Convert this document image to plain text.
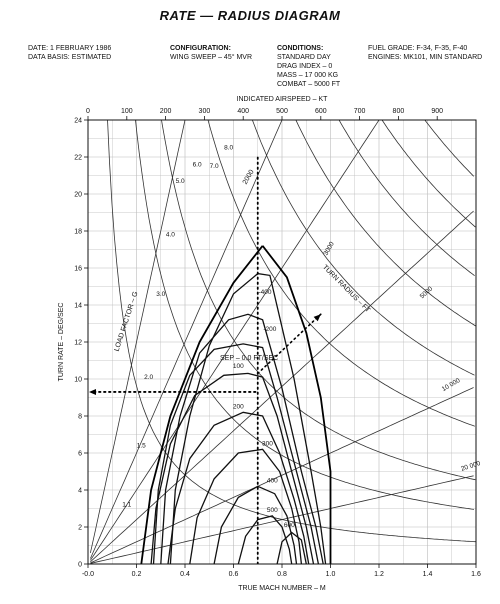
RATE — RADIUS DIAGRAM
DATE: 1 FEBRUARY 1986
DATA BASIS: ESTIMATED
CONFIGURATION:
WING SWEEP – 45° MVR
CONDITIONS:
STANDARD DAY
DRAG INDEX – 0
MASS – 17 000 KG
COMBAT – 5000 FT
FUEL GRADE: F-34, F-35, F-40
ENGINES: MK101, MIN STANDARD
3000
5000
10 000
20 000
1.1
1.5
2.0
3.0
4.0
5.0
6.0 7.0
8.0
-400
-200
100
200
300
400
500
600
-0.0	0.2	0.4	0.6	0.8	1.0	1.2	1.4	1.6
0	100	200	300	400	500	600	700	800	900
0
2
4
6
8
10
12
14
16
18
20
22
24
INDICATED AIRSPEED – KT
TRUE MACH NUMBER – M
TURN RATE – DEG/SEC	LOAD FACTOR – G
TURN RADIUS – FT
SEP – 0.0 FT/SEC
2000
